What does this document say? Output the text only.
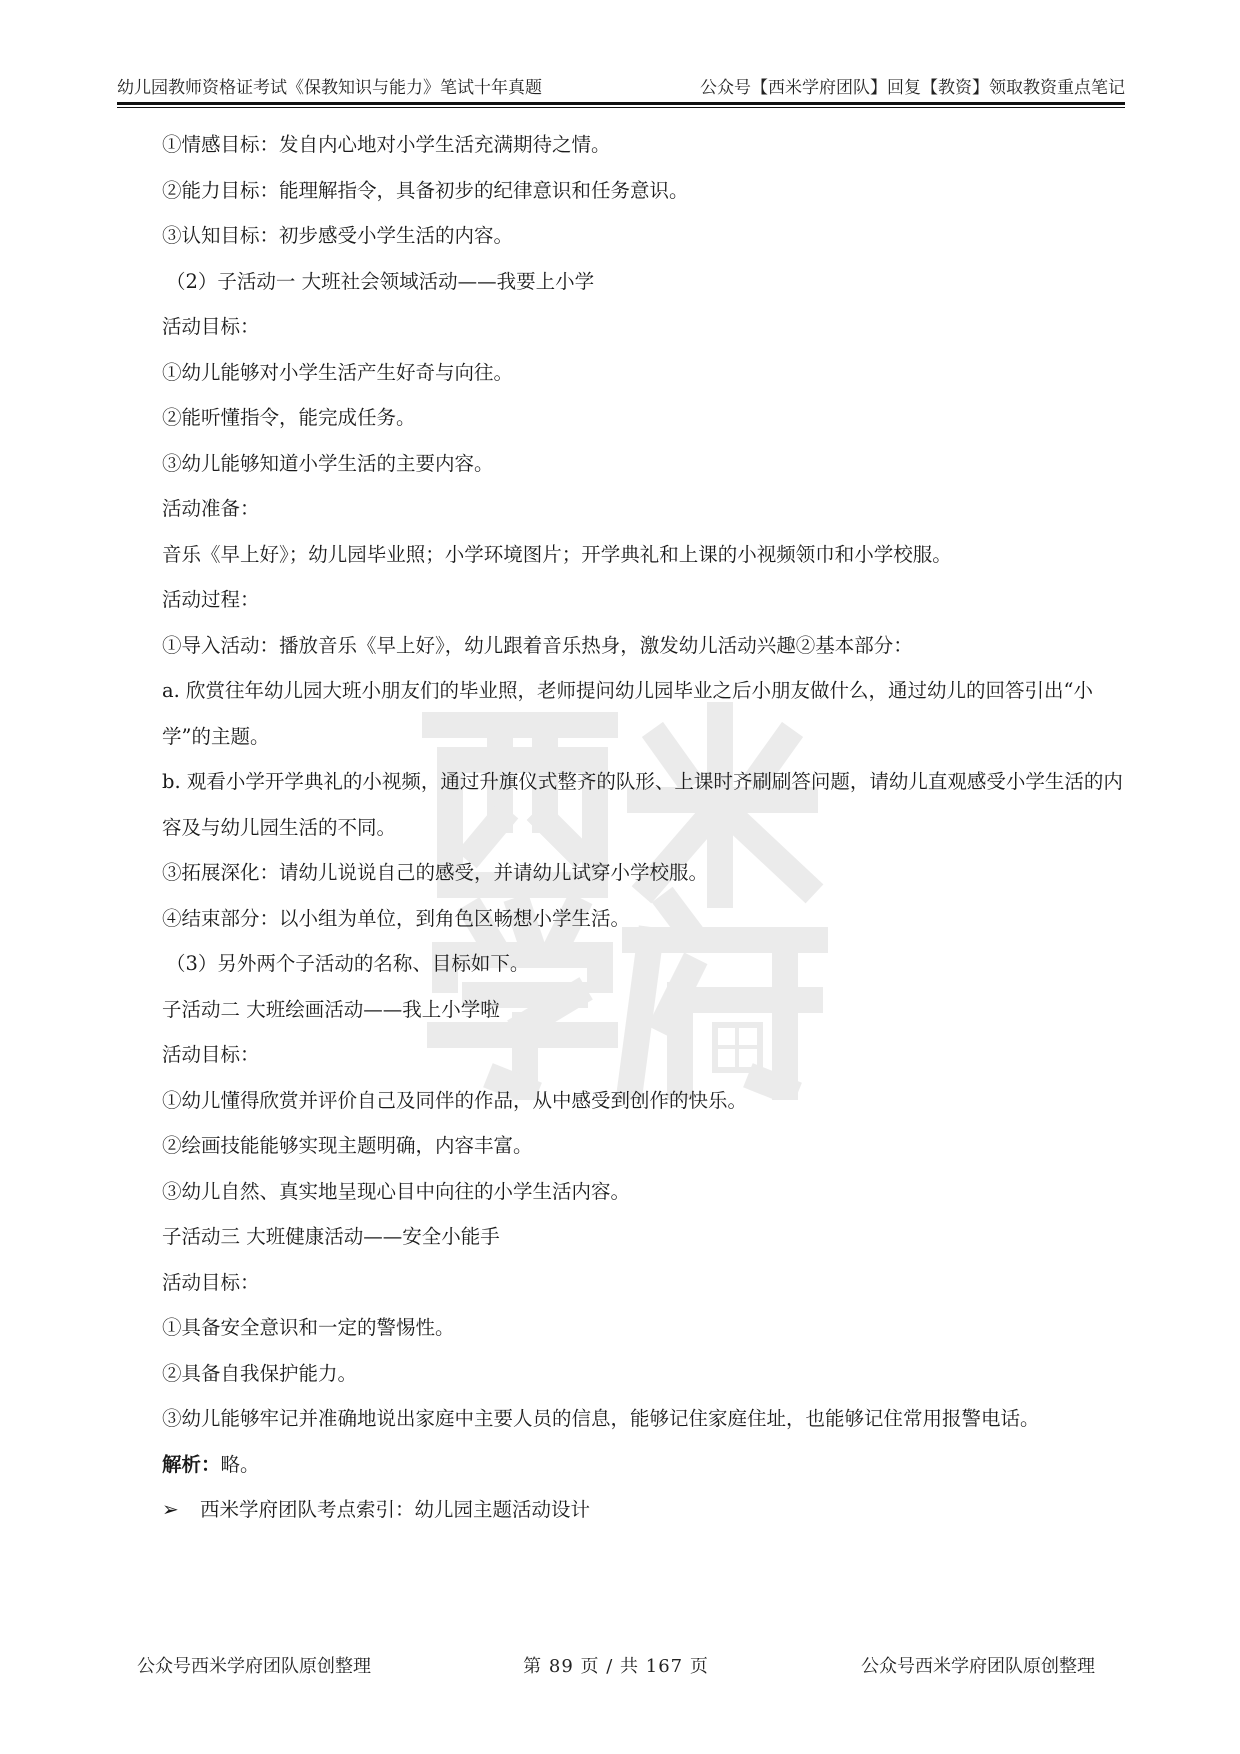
幼儿园教师资格证考试《保教知识与能力》笔试十年真题	公众号【西米学府团队】回复【教资】领取教资重点笔记

①情感目标：发自内心地对小学生活充满期待之情。

②能力目标：能理解指令，具备初步的纪律意识和任务意识。

③认知目标：初步感受小学生活的内容。

（2）子活动一 大班社会领域活动——我要上小学

活动目标：

①幼儿能够对小学生活产生好奇与向往。

②能听懂指令，能完成任务。

③幼儿能够知道小学生活的主要内容。

活动准备：

音乐《早上好》；幼儿园毕业照；小学环境图片；开学典礼和上课的小视频领巾和小学校服。

活动过程：

①导入活动：播放音乐《早上好》，幼儿跟着音乐热身，激发幼儿活动兴趣②基本部分：

a. 欣赏往年幼儿园大班小朋友们的毕业照，老师提问幼儿园毕业之后小朋友做什么，通过幼儿的回答引出“小学”的主题。

b. 观看小学开学典礼的小视频，通过升旗仪式整齐的队形、上课时齐刷刷答问题，请幼儿直观感受小学生活的内容及与幼儿园生活的不同。

③拓展深化：请幼儿说说自己的感受，并请幼儿试穿小学校服。

④结束部分：以小组为单位，到角色区畅想小学生活。

（3）另外两个子活动的名称、目标如下。

子活动二 大班绘画活动——我上小学啦

活动目标：

①幼儿懂得欣赏并评价自己及同伴的作品，从中感受到创作的快乐。

②绘画技能能够实现主题明确，内容丰富。

③幼儿自然、真实地呈现心目中向往的小学生活内容。

子活动三 大班健康活动——安全小能手

活动目标：

①具备安全意识和一定的警惕性。

②具备自我保护能力。

③幼儿能够牢记并准确地说出家庭中主要人员的信息，能够记住家庭住址，也能够记住常用报警电话。

解析：略。

➢	西米学府团队考点索引：幼儿园主题活动设计
公众号西米学府团队原创整理	第 89 页 / 共 167 页	公众号西米学府团队原创整理
